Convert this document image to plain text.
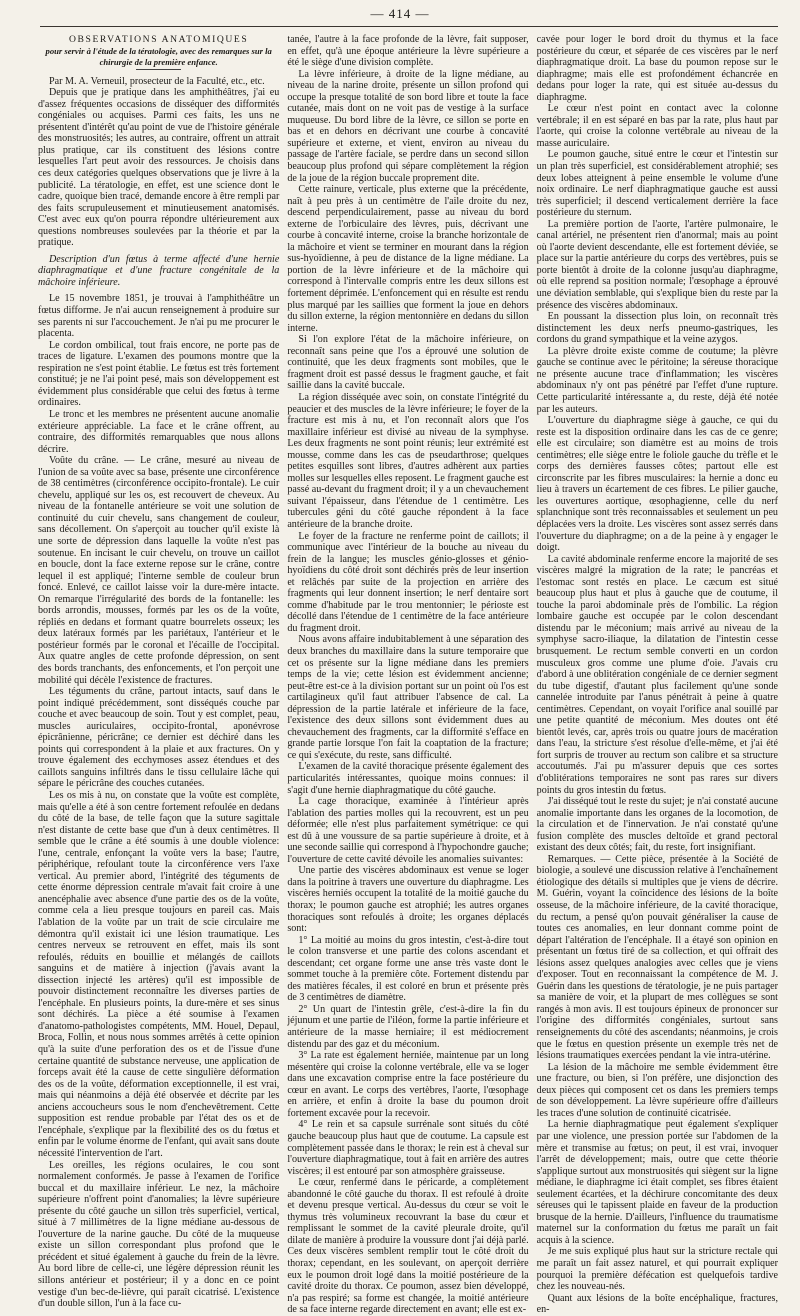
— 414 —

OBSERVATIONS ANATOMIQUES

pour servir à l'étude de la tératologie, avec des remarques sur la chirurgie de la première enfance.

Par M. A. Verneuil, prosecteur de la Faculté, etc., etc.

Depuis que je pratique dans les amphithéâtres, j'ai eu d'assez fréquentes occasions de disséquer des difformités congéniales ou acquises. Parmi ces faits, les uns ne présentent d'intérêt qu'au point de vue de l'histoire générale des monstruosités; les autres, au contraire, offrent un attrait plus pratique, car ils constituent des lésions contre lesquelles l'art peut avoir des ressources. Je choisis dans ces deux catégories quelques observations que je livre à la publicité. La tératologie, en effet, est une science dont le cadre, quoique bien tracé, demande encore à être rempli par des faits scrupuleusement et minutieusement anatomisés. C'est avec eux qu'on pourra répondre ultérieurement aux questions nombreuses soulevées par la théorie et par la pratique.

Description d'un fœtus à terme affecté d'une hernie diaphragmatique et d'une fracture congénitale de la mâchoire inférieure.

Le 15 novembre 1851, je trouvai à l'amphithéâtre un fœtus difforme. Je n'ai aucun renseignement à produire sur ses parents ni sur l'accouchement. Je n'ai pu me procurer le placenta.

Le cordon ombilical, tout frais encore, ne porte pas de traces de ligature. L'examen des poumons montre que la respiration ne s'est point établie. Le fœtus est très fortement constitué; je ne l'ai point pesé, mais son développement est évidemment plus considérable que celui des fœtus à terme ordinaires.

Le tronc et les membres ne présentent aucune anomalie extérieure appréciable. La face et le crâne offrent, au contraire, des difformités remarquables que nous allons décrire.

Voûte du crâne. — Le crâne, mesuré au niveau de l'union de sa voûte avec sa base, présente une circonférence de 38 centimètres (circonférence occipito-frontale). Le cuir chevelu, appliqué sur les os, est recouvert de cheveux. Au niveau de la fontanelle antérieure se voit une solution de continuité du cuir chevelu, sans changement de couleur, sans décollement. On s'aperçoit au toucher qu'il existe là une sorte de dépression dans laquelle la voûte n'est pas soutenue. En incisant le cuir chevelu, on trouve un caillot en boucle, dont la face externe repose sur le crâne, contre lequel il est appliqué; l'interne semble de couleur brun foncé. Enlevé, ce caillot laisse voir la dure-mère intacte. On remarque l'irrégularité des bords de la fontanelle: les bords arrondis, mousses, formés par les os de la voûte, répliés en dedans et formant quatre bourrelets osseux; les deux latéraux formés par les pariétaux, l'antérieur et le postérieur formés par le coronal et l'écaille de l'occipital. Aux quatre angles de cette profonde dépression, on sent des bords tranchants, des enfoncements, et l'on perçoit une mobilité qui décèle l'existence de fractures.

Les téguments du crâne, partout intacts, sauf dans le point indiqué précédemment, sont disséqués couche par couche et avec beaucoup de soin. Tout y est complet, peau, muscles auriculaires, occipito-frontal, aponévrose épicrânienne, péricrâne; ce dernier est déchiré dans les points qui correspondent à la plaie et aux fractures. On y trouve également des ecchymoses assez étendues et des caillots sanguins infiltrés dans le tissu cellulaire lâche qui sépare le péricrâne des couches cutanées.

Les os mis à nu, on constate que la voûte est complète, mais qu'elle a été à son centre fortement refoulée en dedans du côté de la base, de telle façon que la suture sagittale n'est distante de cette base que d'un à deux centimètres. Il semble que le crâne a été soumis à une double violence: l'une, centrale, enfonçant la voûte vers la base; l'autre, périphérique, refoulant toute la circonférence vers l'axe vertical. Au premier abord, l'intégrité des téguments de cette énorme dépression centrale m'avait fait croire à une anencéphalie avec absence d'une partie des os de la voûte, comme cela a lieu presque toujours en pareil cas. Mais l'ablation de la voûte par un trait de scie circulaire me démontra qu'il existait ici une lésion traumatique. Les centres nerveux se retrouvent en effet, mais ils sont refoulés, réduits en bouillie et mélangés de caillots sanguins et de matière à injection (j'avais avant la dissection injecté les artères) qu'il est impossible de pouvoir distinctement reconnaître les diverses parties de l'encéphale. En plusieurs points, la dure-mère et ses sinus sont déchirés. La pièce a été soumise à l'examen d'anatomo-pathologistes compétents, MM. Houel, Depaul, Broca, Follin, et nous nous sommes arrêtés à cette opinion qu'à la suite d'une perforation des os et de l'issue d'une certaine quantité de substance nerveuse, une application de forceps avait été la cause de cette singulière déformation des os de la voûte, déformation exceptionnelle, il est vrai, mais qui néanmoins a déjà été observée et décrite par les anciens accoucheurs sous le nom d'enchevêtrement. Cette supposition est rendue probable par l'état des os et de l'encéphale, s'explique par la flexibilité des os du fœtus et enfin par le volume énorme de l'enfant, qui avait sans doute nécessité l'intervention de l'art.

Les oreilles, les régions oculaires, le cou sont normalement conformés. Je passe à l'examen de l'orifice buccal et du maxillaire inférieur. Le nez, la mâchoire supérieure n'offrent point d'anomalies; la lèvre supérieure présente du côté gauche un sillon très superficiel, vertical, situé à 7 millimètres de la ligne médiane au-dessous de l'ouverture de la narine gauche. Du côté de la muqueuse existe un sillon correspondant plus profond que le précédent et situé également à gauche du frein de la lèvre. Au bord libre de celle-ci, une légère dépression réunit les sillons antérieur et postérieur; il y a donc en ce point vestige d'un bec-de-lièvre, qui paraît cicatrisé. L'existence d'un double sillon, l'un à la face cu-

tanée, l'autre à la face profonde de la lèvre, fait supposer, en effet, qu'à une époque antérieure la lèvre supérieure a été le siège d'une division complète.

La lèvre inférieure, à droite de la ligne médiane, au niveau de la narine droite, présente un sillon profond qui occupe la presque totalité de son bord libre et toute la face cutanée, mais dont on ne voit pas de vestige à la surface muqueuse. Du bord libre de la lèvre, ce sillon se porte en bas et en dehors en décrivant une courbe à concavité supérieure et externe, et vient, environ au niveau du passage de l'artère faciale, se perdre dans un second sillon beaucoup plus profond qui sépare complètement la région de la joue de la région buccale proprement dite.

Cette rainure, verticale, plus externe que la précédente, naît à peu près à un centimètre de l'aile droite du nez, descend perpendiculairement, passe au niveau du bord externe de l'orbiculaire des lèvres, puis, décrivant une courbe à concavité interne, croise la branche horizontale de la mâchoire et vient se terminer en mourant dans la région sus-hyoïdienne, à peu de distance de la ligne médiane. La portion de la lèvre inférieure et de la mâchoire qui correspond à l'intervalle compris entre les deux sillons est fortement déprimée. L'enfoncement qui en résulte est rendu plus marqué par les saillies que forment la joue en dehors du sillon externe, la région mentonnière en dedans du sillon interne.

Si l'on explore l'état de la mâchoire inférieure, on reconnaît sans peine que l'os a éprouvé une solution de continuité, que les deux fragments sont mobiles, que le fragment droit est passé dessus le fragment gauche, et fait saillie dans la cavité buccale.

La région disséquée avec soin, on constate l'intégrité du peaucier et des muscles de la lèvre inférieure; le foyer de la fracture est mis à nu, et l'on reconnaît alors que l'os maxillaire inférieur est divisé au niveau de la symphyse. Les deux fragments ne sont point réunis; leur extrémité est mousse, comme dans les cas de pseudarthrose; quelques petites esquilles sont libres, d'autres adhèrent aux parties molles sur lesquelles elles reposent. Le fragment gauche est passé au-devant du fragment droit; il y a un chevauchement suivant l'épaisseur, dans l'étendue de 1 centimètre. Les tubercules géni du côté gauche répondent à la face antérieure de la branche droite.

Le foyer de la fracture ne renferme point de caillots; il communique avec l'intérieur de la bouche au niveau du frein de la langue; les muscles génio-glosses et génio-hyoïdiens du côté droit sont déchirés près de leur insertion et relâchés par suite de la projection en arrière des fragments qui leur donnent insertion; le nerf dentaire sort comme d'habitude par le trou mentonnier; le périoste est décollé dans l'étendue de 1 centimètre de la face antérieure du fragment droit.

Nous avons affaire indubitablement à une séparation des deux branches du maxillaire dans la suture temporaire que cet os présente sur la ligne médiane dans les premiers temps de la vie; cette lésion est évidemment ancienne; peut-être est-ce à la division portant sur un point où l'os est cartilagineux qu'il faut attribuer l'absence de cal. La dépression de la partie latérale et inférieure de la face, l'existence des deux sillons sont évidemment dues au chevauchement des fragments, car la difformité s'efface en grande partie lorsque l'on fait la coaptation de la fracture; ce qui s'exécute, du reste, sans difficulté.

L'examen de la cavité thoracique présente également des particularités intéressantes, quoique moins connues: il s'agit d'une hernie diaphragmatique du côté gauche.

La cage thoracique, examinée à l'intérieur après l'ablation des parties molles qui la recouvrent, est un peu déformée; elle n'est plus parfaitement symétrique: ce qui est dû à une voussure de sa partie supérieure à droite, et à une seconde saillie qui correspond à l'hypochondre gauche; l'ouverture de cette cavité dévoile les anomalies suivantes:

Une partie des viscères abdominaux est venue se loger dans la poitrine à travers une ouverture du diaphragme. Les viscères herniés occupent la totalité de la moitié gauche du thorax; le poumon gauche est atrophié; les autres organes thoraciques sont refoulés à droite; les organes déplacés sont:

1° La moitié au moins du gros intestin, c'est-à-dire tout le colon transverse et une partie des colons ascendant et descendant; cet organe forme une anse très vaste dont le sommet touche à la première côte. Fortement distendu par des matières fécales, il est coloré en brun et présente près de 3 centimètres de diamètre.

2° Un quart de l'intestin grêle, c'est-à-dire la fin du jéjunum et une partie de l'iléon, forme la partie inférieure et antérieure de la masse herniaire; il est médiocrement distendu par des gaz et du méconium.

3° La rate est également herniée, maintenue par un long mésentère qui croise la colonne vertébrale, elle va se loger dans une excavation comprise entre la face postérieure du cœur en avant. Le corps des vertèbres, l'aorte, l'œsophage en arrière, et enfin à droite la base du poumon droit fortement excavée pour la recevoir.

4° Le rein et sa capsule surrénale sont situés du côté gauche beaucoup plus haut que de coutume. La capsule est complètement passée dans le thorax; le rein est à cheval sur l'ouverture diaphragmatique, tout à fait en arrière des autres viscères; il est entouré par son atmosphère graisseuse.

Le cœur, renfermé dans le péricarde, a complètement abandonné le côté gauche du thorax. Il est refoulé à droite et devenu presque vertical. Au-dessus du cœur se voit le thymus très volumineux recouvrant la base du cœur et remplissant le sommet de la cavité pleurale droite, qu'il dilate de manière à produire la voussure dont j'ai déjà parlé. Ces deux viscères semblent remplir tout le côté droit du thorax; cependant, en les soulevant, on aperçoit derrière eux le poumon droit logé dans la moitié postérieure de la cavité droite du thorax. Ce poumon, assez bien développé, n'a pas respiré; sa forme est changée, la moitié antérieure de sa face interne regarde directement en avant; elle est ex-

cavée pour loger le bord droit du thymus et la face postérieure du cœur, et séparée de ces viscères par le nerf diaphragmatique droit. La base du poumon repose sur le diaphragme; mais elle est profondément échancrée en dedans pour loger la rate, qui est située au-dessus du diaphragme.

Le cœur n'est point en contact avec la colonne vertébrale; il en est séparé en bas par la rate, plus haut par l'aorte, qui croise la colonne vertébrale au niveau de la masse auriculaire.

Le poumon gauche, situé entre le cœur et l'intestin sur un plan très superficiel, est considérablement atrophié; ses deux lobes atteignent à peine ensemble le volume d'une noix ordinaire. Le nerf diaphragmatique gauche est aussi très superficiel; il descend verticalement derrière la face postérieure du sternum.

La première portion de l'aorte, l'artère pulmonaire, le canal artériel, ne présentent rien d'anormal; mais au point où l'aorte devient descendante, elle est fortement déviée, se place sur la partie antérieure du corps des vertèbres, puis se porte bientôt à droite de la colonne jusqu'au diaphragme, où elle reprend sa position normale; l'œsophage a éprouvé une déviation semblable, qui s'explique bien du reste par la présence des viscères abdominaux.

En poussant la dissection plus loin, on reconnaît très distinctement les deux nerfs pneumo-gastriques, les cordons du grand sympathique et la veine azygos.

La plèvre droite existe comme de coutume; la plèvre gauche se continue avec le péritoine; la séreuse thoracique ne présente aucune trace d'inflammation; les viscères abdominaux n'y ont pas pénétré par l'effet d'une rupture. Cette particularité intéressante a, du reste, déjà été notée par les auteurs.

L'ouverture du diaphragme siège à gauche, ce qui du reste est la disposition ordinaire dans les cas de ce genre; elle est circulaire; son diamètre est au moins de trois centimètres; elle siège entre le foliole gauche du trèfle et le corps des dernières fausses côtes; partout elle est circonscrite par les fibres musculaires: la hernie a donc eu lieu à travers un écartement de ces fibres. Le pilier gauche, les ouvertures aortique, œsophagienne, celle du nerf splanchnique sont très reconnaissables et seulement un peu déplacées vers la droite. Les viscères sont assez serrés dans l'ouverture du diaphragme; on a de la peine à y engager le doigt.

La cavité abdominale renferme encore la majorité de ses viscères malgré la migration de la rate; le pancréas et l'estomac sont restés en place. Le cæcum est situé beaucoup plus haut et plus à gauche que de coutume, il touche la paroi abdominale près de l'ombilic. La région lombaire gauche est occupée par le colon descendant distendu par le méconium; mais arrivé au niveau de la symphyse sacro-iliaque, la dilatation de l'intestin cesse brusquement. Le rectum semble converti en un cordon musculeux gros comme une plume d'oie. J'avais cru d'abord à une oblitération congéniale de ce dernier segment du tube digestif, d'autant plus facilement qu'une sonde cannelée introduite par l'anus pénétrait à peine à quatre centimètres. Cependant, on voyait l'orifice anal souillé par une petite quantité de méconium. Mes doutes ont été bientôt levés, car, après trois ou quatre jours de macération dans l'eau, la stricture s'est résolue d'elle-même, et j'ai été fort surpris de trouver au rectum son calibre et sa structure accoutumés. J'ai pu m'assurer depuis que ces sortes d'oblitérations temporaires ne sont pas rares sur divers points du gros intestin du fœtus.

J'ai disséqué tout le reste du sujet; je n'ai constaté aucune anomalie importante dans les organes de la locomotion, de la circulation et de l'innervation. Je n'ai constaté qu'une fusion complète des muscles deltoïde et grand pectoral existant des deux côtés; fait, du reste, fort insignifiant.

Remarques. — Cette pièce, présentée à la Société de biologie, a soulevé une discussion relative à l'enchaînement étiologique des détails si multiples que je viens de décrire. M. Guérin, voyant la coïncidence des lésions de la boîte osseuse, de la mâchoire inférieure, de la cavité thoracique, du rectum, a pensé qu'on pouvait généraliser la cause de toutes ces anomalies, en leur donnant comme point de départ l'altération de l'encéphale. Il a étayé son opinion en présentant un fœtus tiré de sa collection, et qui offrait des lésions assez quelques analogies avec celles que je viens d'exposer. Tout en reconnaissant la compétence de M. J. Guérin dans les questions de tératologie, je ne puis partager sa manière de voir, et la plupart de mes collègues se sont rangés à mon avis. Il est toujours épineux de prononcer sur l'origine des difformités congéniales, surtout sans renseignements du côté des ascendants; néanmoins, je crois que le fœtus en question présente un exemple très net de lésions traumatiques exercées pendant la vie intra-utérine.

La lésion de la mâchoire me semble évidemment être une fracture, ou bien, si l'on préfère, une disjonction des deux pièces qui composent cet os dans les premiers temps de son développement. La lèvre supérieure offre d'ailleurs les traces d'une solution de continuité cicatrisée.

La hernie diaphragmatique peut également s'expliquer par une violence, une pression portée sur l'abdomen de la mère et transmise au fœtus; on peut, il est vrai, invoquer l'arrêt de développement; mais, outre que cette théorie s'applique surtout aux monstruosités qui siègent sur la ligne médiane, le diaphragme ici était complet, ses fibres étaient seulement écartées, et la déchirure concomitante des deux séreuses qui le tapissent plaide en faveur de la production brusque de la hernie. D'ailleurs, l'influence du traumatisme maternel sur la conformation du fœtus me paraît un fait acquis à la science.

Je me suis expliqué plus haut sur la stricture rectale qui me paraît un fait assez naturel, et qui pourrait expliquer pourquoi la première défécation est quelquefois tardive chez les nouveau-nés.

Quant aux lésions de la boîte encéphalique, fractures, en-
